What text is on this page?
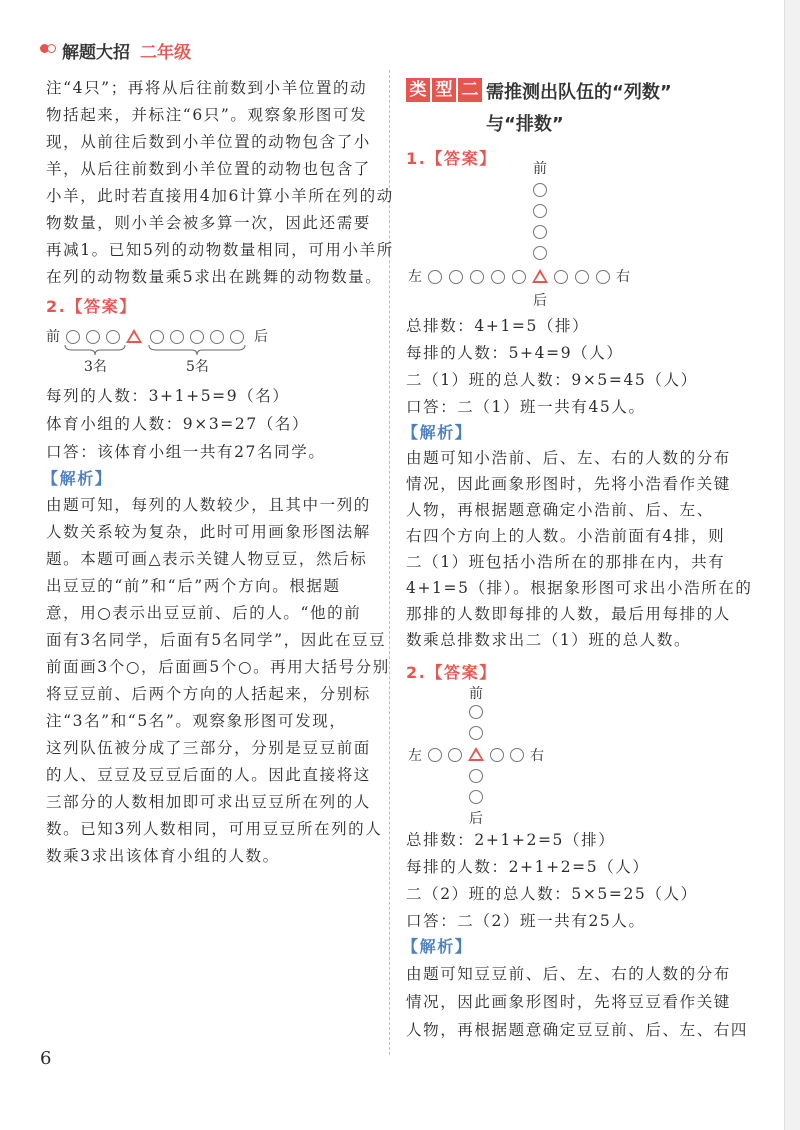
解题大招 二年级
注“4只”；再将从后往前数到小羊位置的动
物括起来，并标注“6只”。观察象形图可发
现，从前往后数到小羊位置的动物包含了小
羊，从后往前数到小羊位置的动物也包含了
小羊，此时若直接用4加6计算小羊所在列的动
物数量，则小羊会被多算一次，因此还需要
再减1。已知5列的动物数量相同，可用小羊所
在列的动物数量乘5求出在跳舞的动物数量。
2.【答案】
前	后
3名	5名
每列的人数：3+1+5=9（名）
体育小组的人数：9×3=27（名）
口答：该体育小组一共有27名同学。
【解析】
由题可知，每列的人数较少，且其中一列的
人数关系较为复杂，此时可用画象形图法解
题。本题可画△表示关键人物豆豆，然后标
出豆豆的“前”和“后”两个方向。根据题
意，用○表示出豆豆前、后的人。“他的前
面有3名同学，后面有5名同学”，因此在豆豆
前面画3个○，后面画5个○。再用大括号分别
将豆豆前、后两个方向的人括起来，分别标
注“3名”和“5名”。观察象形图可发现，
这列队伍被分成了三部分，分别是豆豆前面
的人、豆豆及豆豆后面的人。因此直接将这
三部分的人数相加即可求出豆豆所在列的人
数。已知3列人数相同，可用豆豆所在列的人
数乘3求出该体育小组的人数。
6
类 型 二 需推测出队伍的“列数”
与“排数”
1.【答案】
前
左	右
后
总排数：4+1=5（排）
每排的人数：5+4=9（人）
二（1）班的总人数：9×5=45（人）
口答：二（1）班一共有45人。
【解析】
由题可知小浩前、后、左、右的人数的分布
情况，因此画象形图时，先将小浩看作关键
人物，再根据题意确定小浩前、后、左、
右四个方向上的人数。小浩前面有4排，则
二（1）班包括小浩所在的那排在内，共有
4+1=5（排）。根据象形图可求出小浩所在的
那排的人数即每排的人数，最后用每排的人
数乘总排数求出二（1）班的总人数。
2.【答案】
前
左	右
后
总排数：2+1+2=5（排）
每排的人数：2+1+2=5（人）
二（2）班的总人数：5×5=25（人）
口答：二（2）班一共有25人。
【解析】
由题可知豆豆前、后、左、右的人数的分布
情况，因此画象形图时，先将豆豆看作关键
人物，再根据题意确定豆豆前、后、左、右四
